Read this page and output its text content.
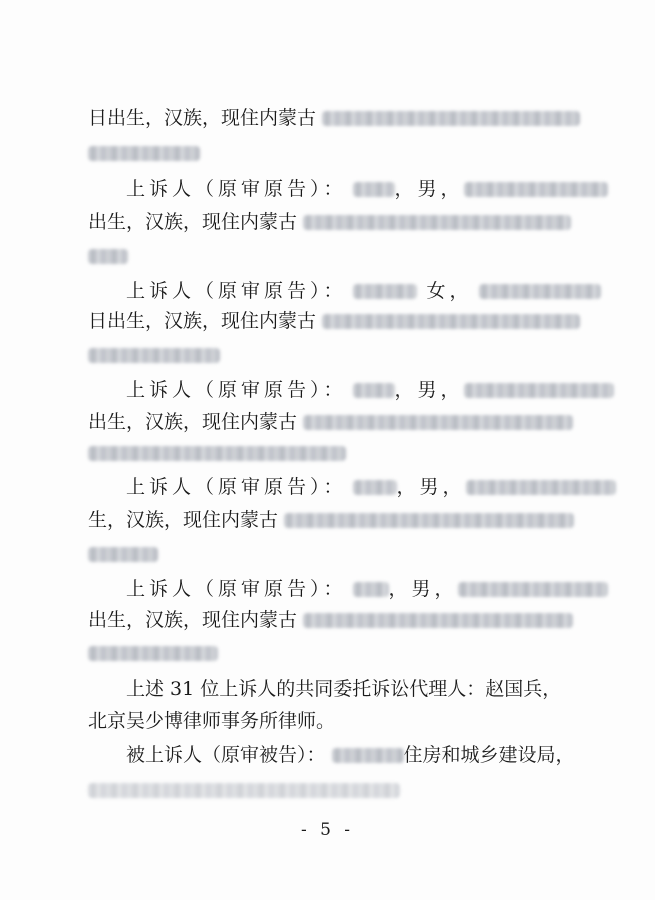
日出生，汉族，现住内蒙古
上诉人（原审原告）：	，男，
出生，汉族，现住内蒙古
上诉人（原审原告）：	女，
日出生，汉族，现住内蒙古
上诉人（原审原告）：	，男，
出生，汉族，现住内蒙古
上诉人（原审原告）：	，男，
生，汉族，现住内蒙古
上诉人（原审原告）： ，男，
出生，汉族，现住内蒙古
上述 31 位上诉人的共同委托诉讼代理人：赵国兵，
北京吴少博律师事务所律师。
被上诉人（原审被告）：	住房和城乡建设局，
- 5 -
